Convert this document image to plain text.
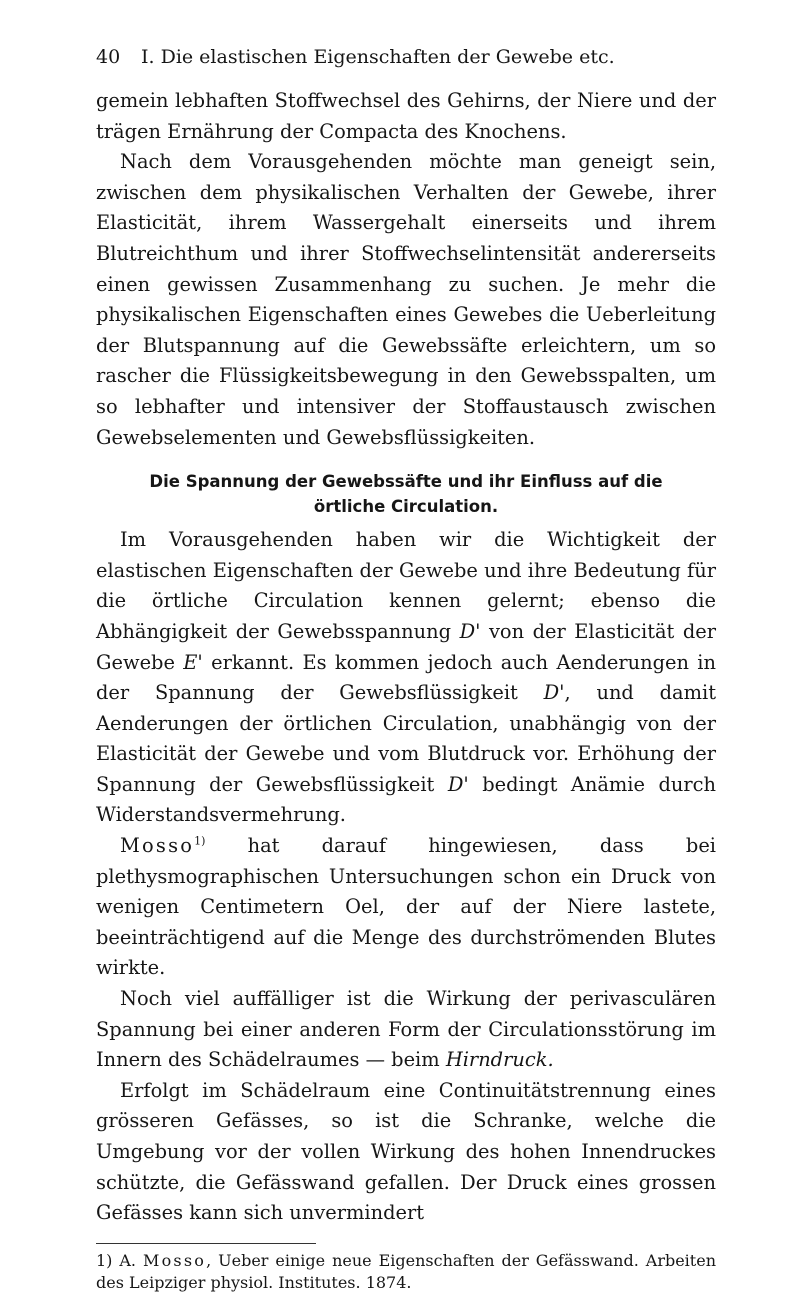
40 I. Die elastischen Eigenschaften der Gewebe etc.

gemein lebhaften Stoffwechsel des Gehirns, der Niere und der trägen Ernährung der Compacta des Knochens.

Nach dem Vorausgehenden möchte man geneigt sein, zwischen dem physikalischen Verhalten der Gewebe, ihrer Elasticität, ihrem Wassergehalt einerseits und ihrem Blutreichthum und ihrer Stoffwechselintensität andererseits einen gewissen Zusammenhang zu suchen. Je mehr die physikalischen Eigenschaften eines Gewebes die Ueberleitung der Blutspannung auf die Gewebssäfte erleichtern, um so rascher die Flüssigkeitsbewegung in den Gewebsspalten, um so lebhafter und intensiver der Stoffaustausch zwischen Gewebselementen und Gewebsflüssigkeiten.

Die Spannung der Gewebssäfte und ihr Einfluss auf die
örtliche Circulation.

Im Vorausgehenden haben wir die Wichtigkeit der elastischen Eigenschaften der Gewebe und ihre Bedeutung für die örtliche Circulation kennen gelernt; ebenso die Abhängigkeit der Gewebsspannung D' von der Elasticität der Gewebe E' erkannt. Es kommen jedoch auch Aenderungen in der Spannung der Gewebsflüssigkeit D', und damit Aenderungen der örtlichen Circulation, unabhängig von der Elasticität der Gewebe und vom Blutdruck vor. Erhöhung der Spannung der Gewebsflüssigkeit D' bedingt Anämie durch Widerstandsvermehrung.

Mosso$^{1)}$ hat darauf hingewiesen, dass bei plethysmographischen Untersuchungen schon ein Druck von wenigen Centimetern Oel, der auf der Niere lastete, beeinträchtigend auf die Menge des durchströmenden Blutes wirkte.

Noch viel auffälliger ist die Wirkung der perivasculären Spannung bei einer anderen Form der Circulationsstörung im Innern des Schädelraumes — beim Hirndruck.

Erfolgt im Schädelraum eine Continuitätstrennung eines grösseren Gefässes, so ist die Schranke, welche die Umgebung vor der vollen Wirkung des hohen Innendruckes schützte, die Gefässwand gefallen. Der Druck eines grossen Gefässes kann sich unvermindert

1) A. Mosso, Ueber einige neue Eigenschaften der Gefässwand. Arbeiten des Leipziger physiol. Institutes. 1874.
